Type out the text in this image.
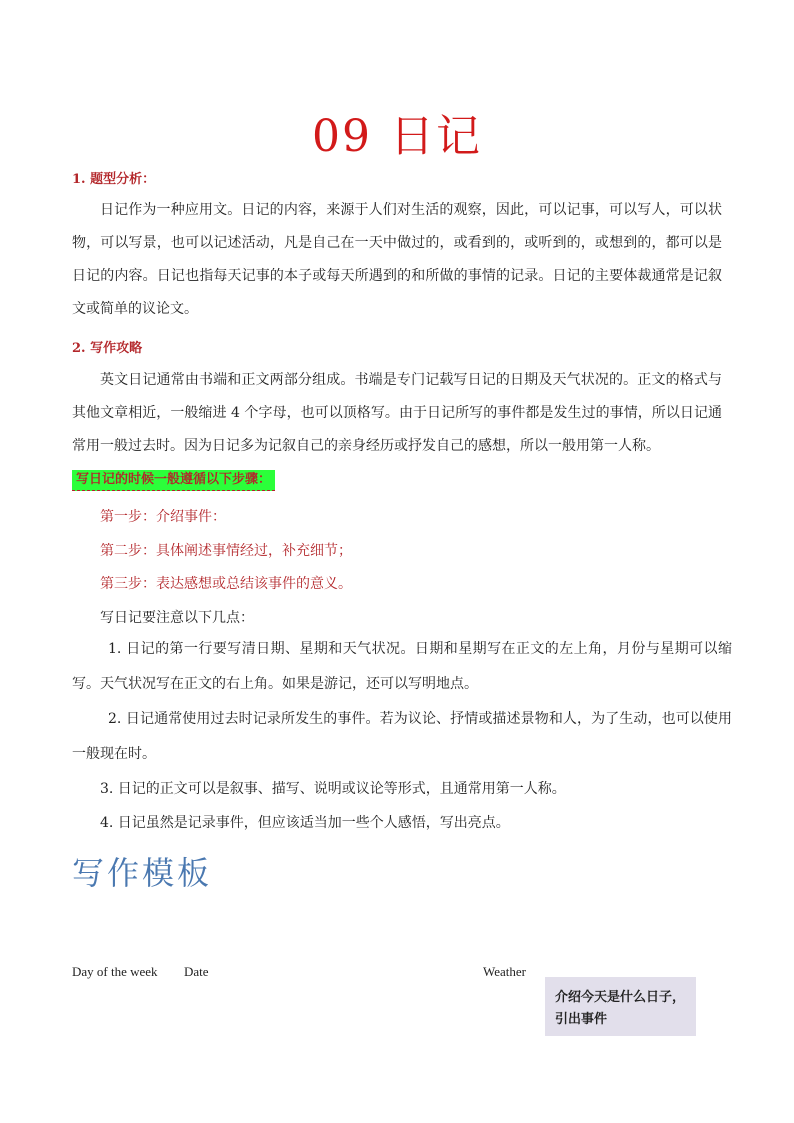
09 日记
1. 题型分析：
日记作为一种应用文。日记的内容，来源于人们对生活的观察，因此，可以记事，可以写人，可以状物，可以写景，也可以记述活动，凡是自己在一天中做过的，或看到的，或听到的，或想到的，都可以是日记的内容。日记也指每天记事的本子或每天所遇到的和所做的事情的记录。日记的主要体裁通常是记叙文或简单的议论文。
2. 写作攻略
英文日记通常由书端和正文两部分组成。书端是专门记载写日记的日期及天气状况的。正文的格式与其他文章相近，一般缩进 4 个字母，也可以顶格写。由于日记所写的事件都是发生过的事情，所以日记通常用一般过去时。因为日记多为记叙自己的亲身经历或抒发自己的感想，所以一般用第一人称。
写日记的时候一般遵循以下步骤：
第一步：介绍事件：
第二步：具体阐述事情经过，补充细节；
第三步：表达感想或总结该事件的意义。
写日记要注意以下几点：
1. 日记的第一行要写清日期、星期和天气状况。日期和星期写在正文的左上角，月份与星期可以缩写。天气状况写在正文的右上角。如果是游记，还可以写明地点。
2. 日记通常使用过去时记录所发生的事件。若为议论、抒情或描述景物和人，为了生动，也可以使用一般现在时。
3. 日记的正文可以是叙事、描写、说明或议论等形式，且通常用第一人称。
4. 日记虽然是记录事件，但应该适当加一些个人感悟，写出亮点。
写作模板
Day of the week Date	Weather
介绍今天是什么日子，引出事件
